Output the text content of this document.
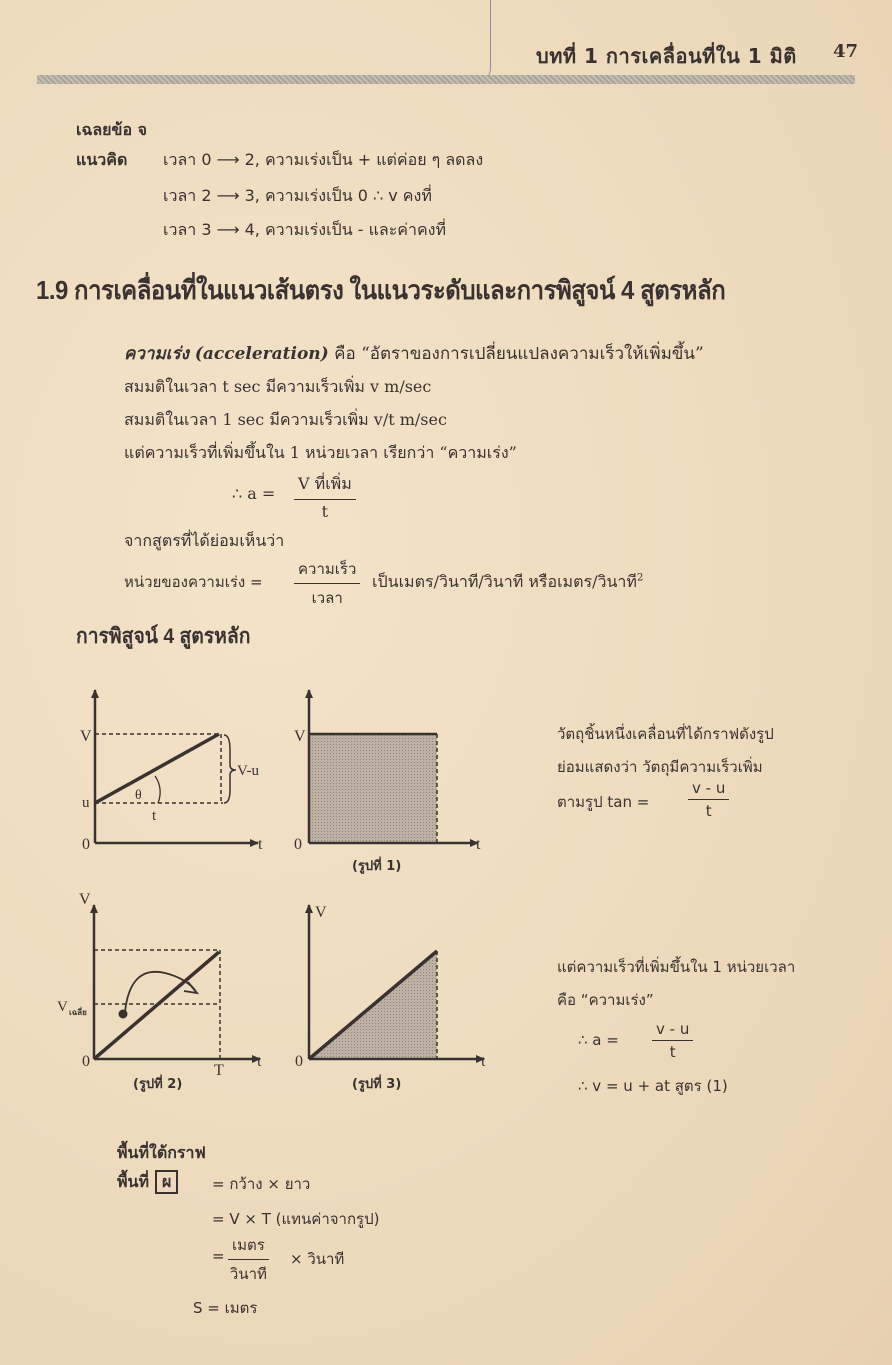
บทที่ 1 การเคลื่อนที่ใน 1 มิติ 47
เฉลยข้อ จ
แนวคิด เวลา 0 ⟶ 2, ความเร่งเป็น + แต่ค่อย ๆ ลดลง
เวลา 2 ⟶ 3, ความเร่งเป็น 0 ∴ v คงที่
เวลา 3 ⟶ 4, ความเร่งเป็น - และค่าคงที่
1.9 การเคลื่อนที่ในแนวเส้นตรง ในแนวระดับและการพิสูจน์ 4 สูตรหลัก
ความเร่ง (acceleration) คือ “อัตราของการเปลี่ยนแปลงความเร็วให้เพิ่มขึ้น”
สมมติในเวลา t sec มีความเร็วเพิ่ม v m/sec
สมมติในเวลา 1 sec มีความเร็วเพิ่ม v/t m/sec
แต่ความเร็วที่เพิ่มขึ้นใน 1 หน่วยเวลา เรียกว่า “ความเร่ง”
∴ a =
V ที่เพิ่ม
t
จากสูตรที่ได้ย่อมเห็นว่า
หน่วยของความเร่ง =
ความเร็ว
เวลา
เป็นเมตร/วินาที/วินาที หรือเมตร/วินาที$^2$
การพิสูจน์ 4 สูตรหลัก
V
u
0	t
θ
t
V-u
V
0	t
(รูปที่ 1)
V
V เฉลี่ย
0	t
T
(รูปที่ 2)
V
0	t
(รูปที่ 3)
วัตถุชิ้นหนึ่งเคลื่อนที่ได้กราฟดังรูป
ย่อมแสดงว่า วัตถุมีความเร็วเพิ่ม
ตามรูป tan =	$\frac{v - u}{t}$
แต่ความเร็วที่เพิ่มขึ้นใน 1 หน่วยเวลา
คือ “ความเร่ง”
∴ $a = \frac{v - u}{t}$
∴ v = u + at สูตร (1)
พื้นที่ใต้กราฟ
พื้นที่ ผ	= กว้าง × ยาว
= V × T (แทนค่าจากรูป)
=
เมตร
วินาที
× วินาที
S = เมตร
